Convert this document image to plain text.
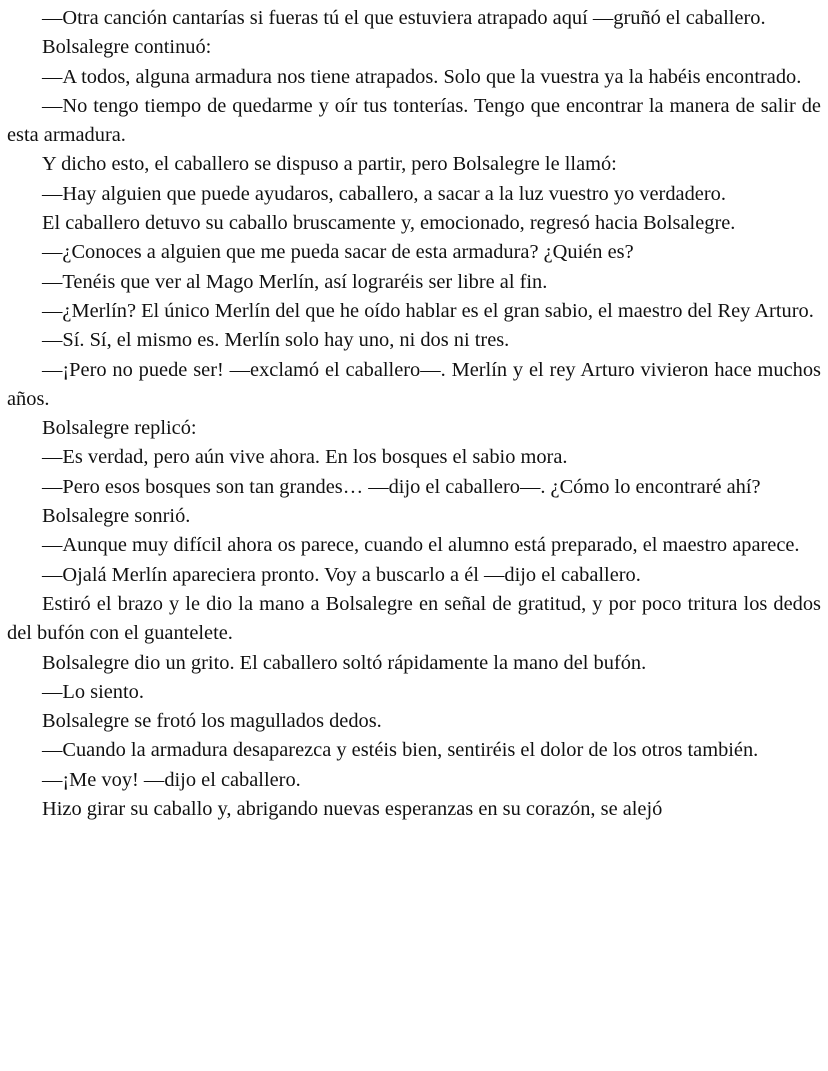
—Otra canción cantarías si fueras tú el que estuviera atrapado aquí —gruñó el caballero.

Bolsalegre continuó:

—A todos, alguna armadura nos tiene atrapados. Solo que la vuestra ya la habéis encontrado.

—No tengo tiempo de quedarme y oír tus tonterías. Tengo que encontrar la manera de salir de esta armadura.

Y dicho esto, el caballero se dispuso a partir, pero Bolsalegre le llamó:

—Hay alguien que puede ayudaros, caballero, a sacar a la luz vuestro yo verdadero.

El caballero detuvo su caballo bruscamente y, emocionado, regresó hacia Bolsalegre.

—¿Conoces a alguien que me pueda sacar de esta armadura? ¿Quién es?

—Tenéis que ver al Mago Merlín, así lograréis ser libre al fin.

—¿Merlín? El único Merlín del que he oído hablar es el gran sabio, el maestro del Rey Arturo.

—Sí. Sí, el mismo es. Merlín solo hay uno, ni dos ni tres.

—¡Pero no puede ser! —exclamó el caballero—. Merlín y el rey Arturo vivieron hace muchos años.

Bolsalegre replicó:

—Es verdad, pero aún vive ahora. En los bosques el sabio mora.

—Pero esos bosques son tan grandes… —dijo el caballero—. ¿Cómo lo encontraré ahí?

Bolsalegre sonrió.

—Aunque muy difícil ahora os parece, cuando el alumno está preparado, el maestro aparece.

—Ojalá Merlín apareciera pronto. Voy a buscarlo a él —dijo el caballero.

Estiró el brazo y le dio la mano a Bolsalegre en señal de gratitud, y por poco tritura los dedos del bufón con el guantelete.

Bolsalegre dio un grito. El caballero soltó rápidamente la mano del bufón.

—Lo siento.

Bolsalegre se frotó los magullados dedos.

—Cuando la armadura desaparezca y estéis bien, sentiréis el dolor de los otros también.

—¡Me voy! —dijo el caballero.

Hizo girar su caballo y, abrigando nuevas esperanzas en su corazón, se alejó
